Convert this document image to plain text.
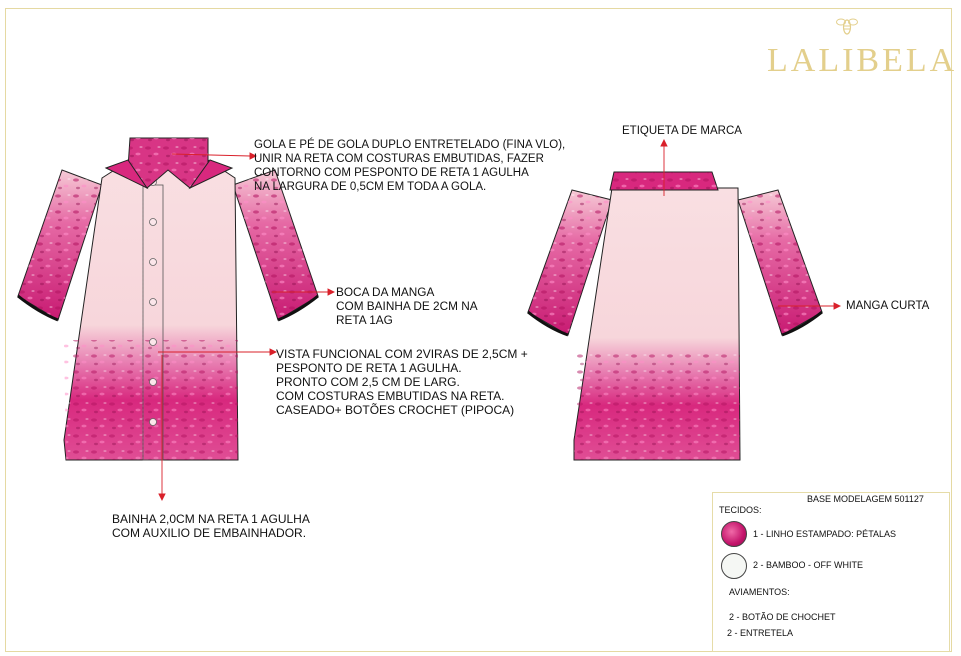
LALIBELA
GOLA E PÉ DE GOLA DUPLO ENTRETELADO (FINA VLO),
UNIR NA RETA COM COSTURAS EMBUTIDAS, FAZER
CONTORNO COM PESPONTO DE RETA 1 AGULHA
NA LARGURA DE 0,5CM EM TODA A GOLA.
BOCA DA MANGA
COM BAINHA DE 2CM NA
RETA 1AG
VISTA FUNCIONAL COM 2VIRAS DE 2,5CM +
PESPONTO DE RETA 1 AGULHA.
PRONTO COM 2,5 CM DE LARG.
COM COSTURAS EMBUTIDAS NA RETA.
CASEADO+ BOTÕES CROCHET (PIPOCA)
BAINHA 2,0CM NA RETA 1 AGULHA
COM AUXILIO DE EMBAINHADOR.
ETIQUETA DE MARCA
MANGA CURTA
BASE MODELAGEM 501127
TECIDOS:
1 - LINHO ESTAMPADO: PÉTALAS
2 - BAMBOO - OFF WHITE
AVIAMENTOS:
2 - BOTÃO DE CHOCHET
2 - ENTRETELA
